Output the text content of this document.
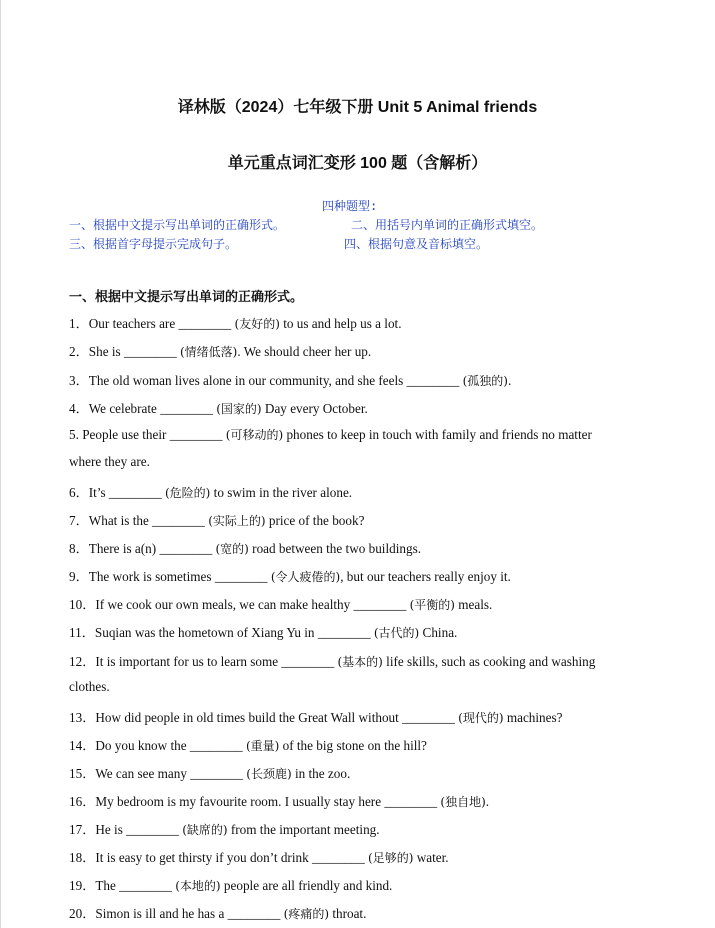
译林版（2024）七年级下册 Unit 5 Animal friends
单元重点词汇变形 100 题（含解析）
四种题型:
一、根据中文提示写出单词的正确形式。	二、用括号内单词的正确形式填空。
三、根据首字母提示完成句子。	四、根据句意及音标填空。
一、根据中文提示写出单词的正确形式。
1．Our teachers are ________ (友好的) to us and help us a lot.
2．She is ________ (情绪低落). We should cheer her up.
3．The old woman lives alone in our community, and she feels ________ (孤独的).
4．We celebrate ________ (国家的) Day every October.
5. People use their ________ (可移动的) phones to keep in touch with family and friends no matter
where they are.
6．It’s ________ (危险的) to swim in the river alone.
7．What is the ________ (实际上的) price of the book?
8．There is a(n) ________ (宽的) road between the two buildings.
9．The work is sometimes ________ (令人疲倦的), but our teachers really enjoy it.
10．If we cook our own meals, we can make healthy ________ (平衡的) meals.
11．Suqian was the hometown of Xiang Yu in ________ (古代的) China.
12．It is important for us to learn some ________ (基本的) life skills, such as cooking and washing
clothes.
13．How did people in old times build the Great Wall without ________ (现代的) machines?
14．Do you know the ________ (重量) of the big stone on the hill?
15．We can see many ________ (长颈鹿) in the zoo.
16．My bedroom is my favourite room. I usually stay here ________ (独自地).
17．He is ________ (缺席的) from the important meeting.
18．It is easy to get thirsty if you don’t drink ________ (足够的) water.
19．The ________ (本地的) people are all friendly and kind.
20．Simon is ill and he has a ________ (疼痛的) throat.
